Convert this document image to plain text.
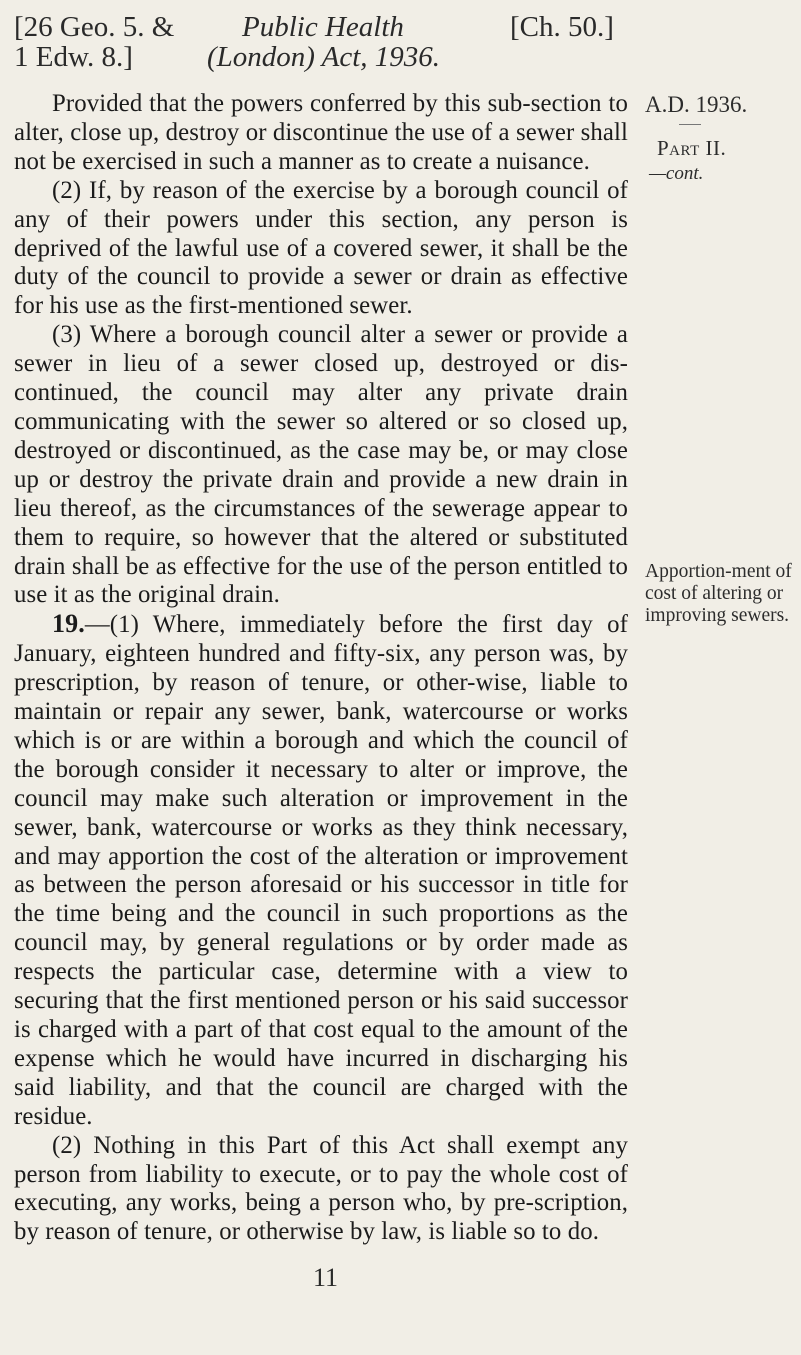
[26 Geo. 5. & Public Health	[Ch. 50.]
1 Edw. 8.]	(London) Act, 1936.
A.D. 1936.
Part II.
—cont.
Apportion-ment of cost of altering or improving sewers.

Provided that the powers conferred by this sub-section to alter, close up, destroy or discontinue the use of a sewer shall not be exercised in such a manner as to create a nuisance.

(2) If, by reason of the exercise by a borough council of any of their powers under this section, any person is deprived of the lawful use of a covered sewer, it shall be the duty of the council to provide a sewer or drain as effective for his use as the first-mentioned sewer.

(3) Where a borough council alter a sewer or provide a sewer in lieu of a sewer closed up, destroyed or dis-continued, the council may alter any private drain communicating with the sewer so altered or so closed up, destroyed or discontinued, as the case may be, or may close up or destroy the private drain and provide a new drain in lieu thereof, as the circumstances of the sewerage appear to them to require, so however that the altered or substituted drain shall be as effective for the use of the person entitled to use it as the original drain.

19.—(1) Where, immediately before the first day of January, eighteen hundred and fifty-six, any person was, by prescription, by reason of tenure, or other-wise, liable to maintain or repair any sewer, bank, watercourse or works which is or are within a borough and which the council of the borough consider it necessary to alter or improve, the council may make such alteration or improvement in the sewer, bank, watercourse or works as they think necessary, and may apportion the cost of the alteration or improvement as between the person aforesaid or his successor in title for the time being and the council in such proportions as the council may, by general regulations or by order made as respects the particular case, determine with a view to securing that the first mentioned person or his said successor is charged with a part of that cost equal to the amount of the expense which he would have incurred in discharging his said liability, and that the council are charged with the residue.

(2) Nothing in this Part of this Act shall exempt any person from liability to execute, or to pay the whole cost of executing, any works, being a person who, by pre-scription, by reason of tenure, or otherwise by law, is liable so to do.

11
